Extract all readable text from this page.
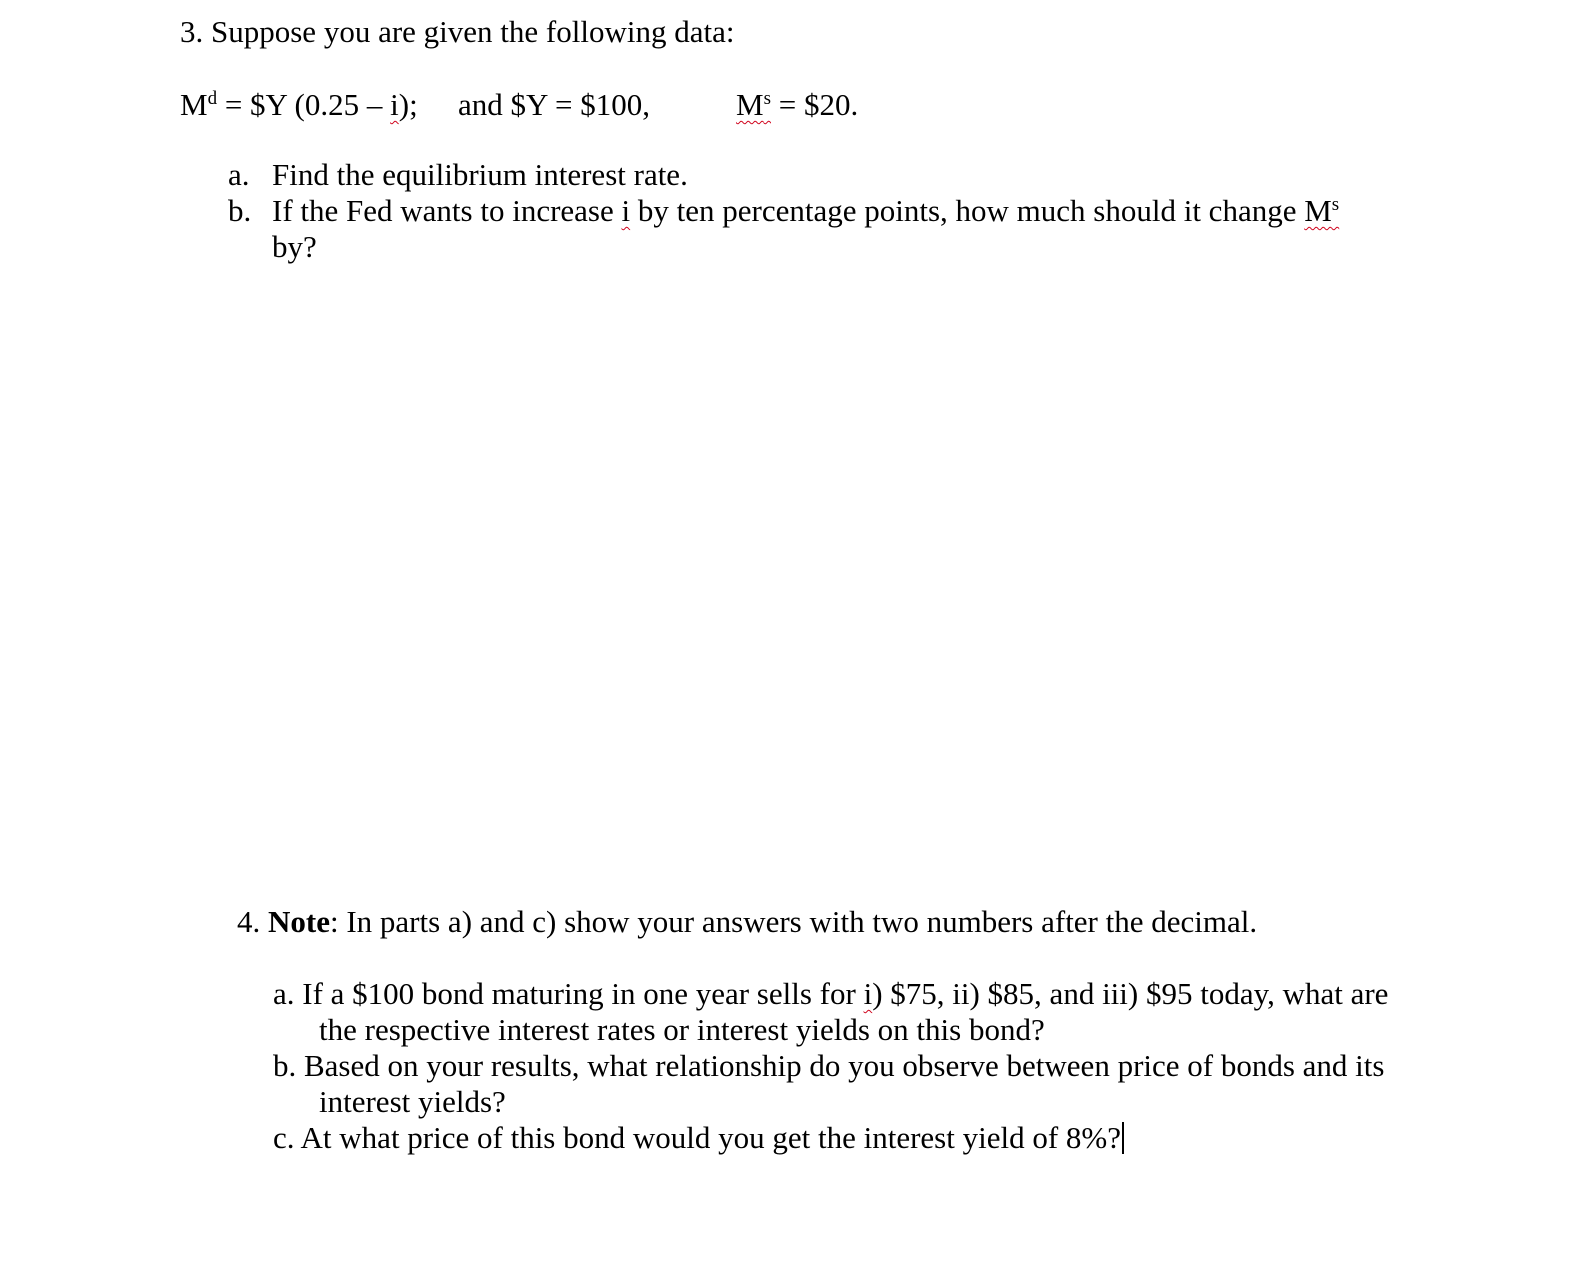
3. Suppose you are given the following data:
$M^d$ = $Y (0.25 – i); and $Y = $100,	$M^s$ = $20.
a. Find the equilibrium interest rate.
b. If the Fed wants to increase i by ten percentage points, how much should it change $M^s$
by?
4. Note: In parts a) and c) show your answers with two numbers after the decimal.
a. If a $100 bond maturing in one year sells for i) $75, ii) $85, and iii) $95 today, what are
the respective interest rates or interest yields on this bond?
b. Based on your results, what relationship do you observe between price of bonds and its
interest yields?
c. At what price of this bond would you get the interest yield of 8%?
